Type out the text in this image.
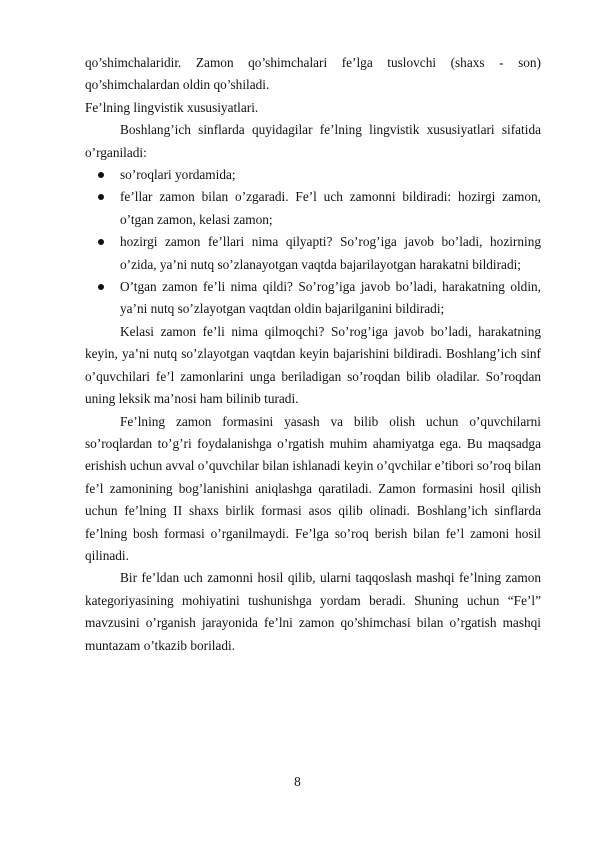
qo’shimchalaridir. Zamon qo’shimchalari fe’lga tuslovchi (shaxs - son) qo’shimchalardan oldin qo’shiladi.

Fe’lning lingvistik xususiyatlari.

Boshlang’ich sinflarda quyidagilar fe’lning lingvistik xususiyatlari sifatida o’rganiladi:

so’roqlari yordamida;
fe’llar zamon bilan o’zgaradi. Fe’l uch zamonni bildiradi: hozirgi zamon, o’tgan zamon, kelasi zamon;
hozirgi zamon fe’llari nima qilyapti? So’rog’iga javob bo’ladi, hozirning o’zida, ya’ni nutq so’zlanayotgan vaqtda bajarilayotgan harakatni bildiradi;
O’tgan zamon fe’li nima qildi? So’rog’iga javob bo’ladi, harakatning oldin, ya’ni nutq so’zlayotgan vaqtdan oldin bajarilganini bildiradi;

Kelasi zamon fe’li nima qilmoqchi? So’rog’iga javob bo’ladi, harakatning keyin, ya’ni nutq so’zlayotgan vaqtdan keyin bajarishini bildiradi. Boshlang’ich sinf o’quvchilari fe’l zamonlarini unga beriladigan so’roqdan bilib oladilar. So’roqdan uning leksik ma’nosi ham bilinib turadi.

Fe’lning zamon formasini yasash va bilib olish uchun o’quvchilarni so’roqlardan to’g’ri foydalanishga o’rgatish muhim ahamiyatga ega. Bu maqsadga erishish uchun avval o’quvchilar bilan ishlanadi keyin o’qvchilar e’tibori so’roq bilan fe’l zamonining bog’lanishini aniqlashga qaratiladi. Zamon formasini hosil qilish uchun fe’lning II shaxs birlik formasi asos qilib olinadi. Boshlang’ich sinflarda fe’lning bosh formasi o’rganilmaydi. Fe’lga so’roq berish bilan fe’l zamoni hosil qilinadi.

Bir fe’ldan uch zamonni hosil qilib, ularni taqqoslash mashqi fe’lning zamon kategoriyasining mohiyatini tushunishga yordam beradi. Shuning uchun “Fe’l” mavzusini o’rganish jarayonida fe’lni zamon qo’shimchasi bilan o’rgatish mashqi muntazam o’tkazib boriladi.

8
